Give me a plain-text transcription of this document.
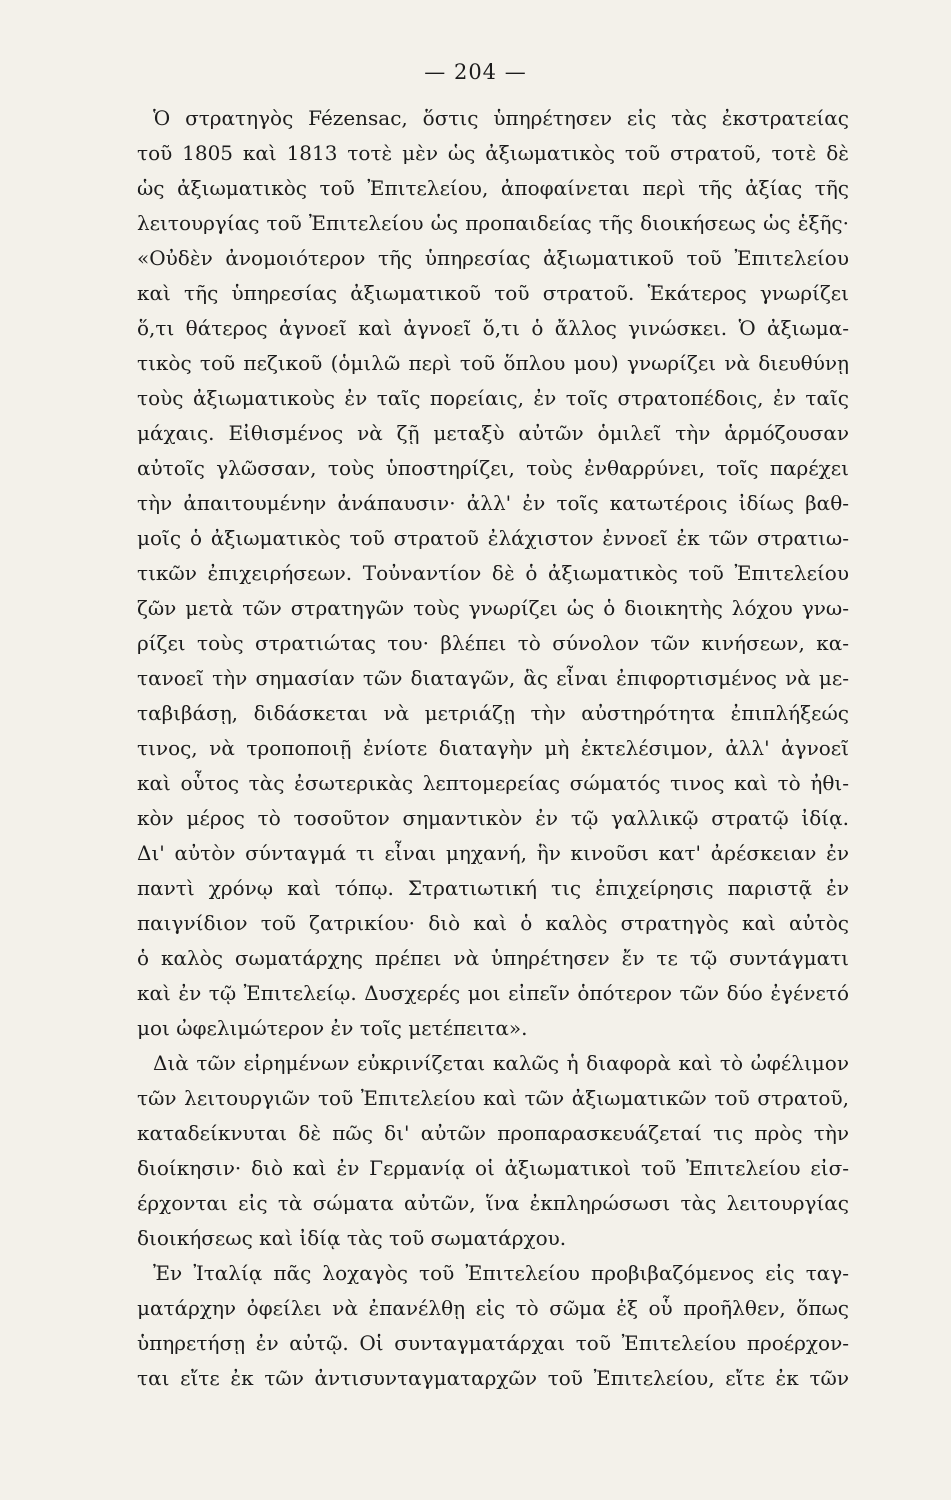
— 204 —
Ὁ στρατηγὸς Fézensac, ὅστις ὑπηρέτησεν εἰς τὰς ἐκστρατείας
τοῦ 1805 καὶ 1813 τοτὲ μὲν ὡς ἀξιωματικὸς τοῦ στρατοῦ, τοτὲ δὲ
ὡς ἀξιωματικὸς τοῦ Ἐπιτελείου, ἀποφαίνεται περὶ τῆς ἀξίας τῆς
λειτουργίας τοῦ Ἐπιτελείου ὡς προπαιδείας τῆς διοικήσεως ὡς ἑξῆς·
«Οὐδὲν ἀνομοιότερον τῆς ὑπηρεσίας ἀξιωματικοῦ τοῦ Ἐπιτελείου
καὶ τῆς ὑπηρεσίας ἀξιωματικοῦ τοῦ στρατοῦ. Ἑκάτερος γνωρίζει
ὅ,τι θάτερος ἀγνοεῖ καὶ ἀγνοεῖ ὅ,τι ὁ ἄλλος γινώσκει. Ὁ ἀξιωμα-
τικὸς τοῦ πεζικοῦ (ὁμιλῶ περὶ τοῦ ὅπλου μου) γνωρίζει νὰ διευθύνῃ
τοὺς ἀξιωματικοὺς ἐν ταῖς πορείαις, ἐν τοῖς στρατοπέδοις, ἐν ταῖς
μάχαις. Εἰθισμένος νὰ ζῇ μεταξὺ αὐτῶν ὁμιλεῖ τὴν ἁρμόζουσαν
αὐτοῖς γλῶσσαν, τοὺς ὑποστηρίζει, τοὺς ἐνθαρρύνει, τοῖς παρέχει
τὴν ἀπαιτουμένην ἀνάπαυσιν· ἀλλ' ἐν τοῖς κατωτέροις ἰδίως βαθ-
μοῖς ὁ ἀξιωματικὸς τοῦ στρατοῦ ἐλάχιστον ἐννοεῖ ἐκ τῶν στρατιω-
τικῶν ἐπιχειρήσεων. Τοὐναντίον δὲ ὁ ἀξιωματικὸς τοῦ Ἐπιτελείου
ζῶν μετὰ τῶν στρατηγῶν τοὺς γνωρίζει ὡς ὁ διοικητὴς λόχου γνω-
ρίζει τοὺς στρατιώτας του· βλέπει τὸ σύνολον τῶν κινήσεων, κα-
τανοεῖ τὴν σημασίαν τῶν διαταγῶν, ἃς εἶναι ἐπιφορτισμένος νὰ με-
ταβιβάσῃ, διδάσκεται νὰ μετριάζῃ τὴν αὐστηρότητα ἐπιπλήξεώς
τινος, νὰ τροποποιῇ ἐνίοτε διαταγὴν μὴ ἐκτελέσιμον, ἀλλ' ἀγνοεῖ
καὶ οὗτος τὰς ἐσωτερικὰς λεπτομερείας σώματός τινος καὶ τὸ ἠθι-
κὸν μέρος τὸ τοσοῦτον σημαντικὸν ἐν τῷ γαλλικῷ στρατῷ ἰδίᾳ.
Δι' αὐτὸν σύνταγμά τι εἶναι μηχανή, ἣν κινοῦσι κατ' ἀρέσκειαν ἐν
παντὶ χρόνῳ καὶ τόπῳ. Στρατιωτική τις ἐπιχείρησις παριστᾷ ἐν
παιγνίδιον τοῦ ζατρικίου· διὸ καὶ ὁ καλὸς στρατηγὸς καὶ αὐτὸς
ὁ καλὸς σωματάρχης πρέπει νὰ ὑπηρέτησεν ἔν τε τῷ συντάγματι
καὶ ἐν τῷ Ἐπιτελείῳ. Δυσχερές μοι εἰπεῖν ὁπότερον τῶν δύο ἐγένετό
μοι ὠφελιμώτερον ἐν τοῖς μετέπειτα».
Διὰ τῶν εἰρημένων εὐκρινίζεται καλῶς ἡ διαφορὰ καὶ τὸ ὠφέλιμον
τῶν λειτουργιῶν τοῦ Ἐπιτελείου καὶ τῶν ἀξιωματικῶν τοῦ στρατοῦ,
καταδείκνυται δὲ πῶς δι' αὐτῶν προπαρασκευάζεταί τις πρὸς τὴν
διοίκησιν· διὸ καὶ ἐν Γερμανίᾳ οἱ ἀξιωματικοὶ τοῦ Ἐπιτελείου εἰσ-
έρχονται εἰς τὰ σώματα αὐτῶν, ἵνα ἐκπληρώσωσι τὰς λειτουργίας
διοικήσεως καὶ ἰδίᾳ τὰς τοῦ σωματάρχου.
Ἐν Ἰταλίᾳ πᾶς λοχαγὸς τοῦ Ἐπιτελείου προβιβαζόμενος εἰς ταγ-
ματάρχην ὀφείλει νὰ ἐπανέλθῃ εἰς τὸ σῶμα ἐξ οὗ προῆλθεν, ὅπως
ὑπηρετήσῃ ἐν αὐτῷ. Οἱ συνταγματάρχαι τοῦ Ἐπιτελείου προέρχον-
ται εἴτε ἐκ τῶν ἀντισυνταγματαρχῶν τοῦ Ἐπιτελείου, εἴτε ἐκ τῶν
